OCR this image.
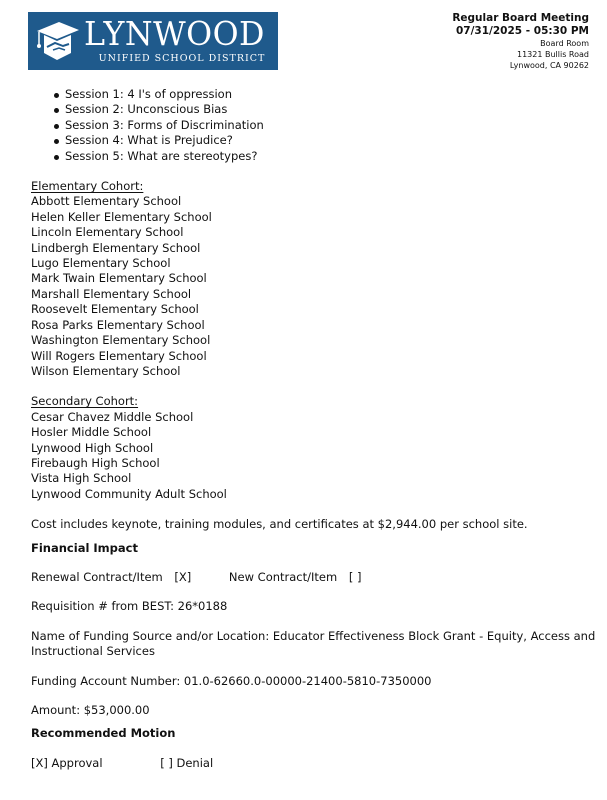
LYNWOOD
UNIFIED SCHOOL DISTRICT
Regular Board Meeting
07/31/2025 - 05:30 PM
Board Room
11321 Bullis Road
Lynwood, CA 90262
Session 1: 4 I's of oppression
Session 2: Unconscious Bias
Session 3: Forms of Discrimination
Session 4: What is Prejudice?
Session 5: What are stereotypes?
Elementary Cohort:
Abbott Elementary School
Helen Keller Elementary School
Lincoln Elementary School
Lindbergh Elementary School
Lugo Elementary School
Mark Twain Elementary School
Marshall Elementary School
Roosevelt Elementary School
Rosa Parks Elementary School
Washington Elementary School
Will Rogers Elementary School
Wilson Elementary School
Secondary Cohort:
Cesar Chavez Middle School
Hosler Middle School
Lynwood High School
Firebaugh High School
Vista High School
Lynwood Community Adult School

Cost includes keynote, training modules, and certificates at $2,944.00 per school site.

Financial Impact

Renewal Contract/Item [X]	New Contract/Item [ ]

Requisition # from BEST: 26*0188

Name of Funding Source and/or Location: Educator Effectiveness Block Grant - Equity, Access and Instructional Services

Funding Account Number: 01.0-62660.0-00000-21400-5810-7350000

Amount: $53,000.00

Recommended Motion

[X] Approval	[ ] Denial
